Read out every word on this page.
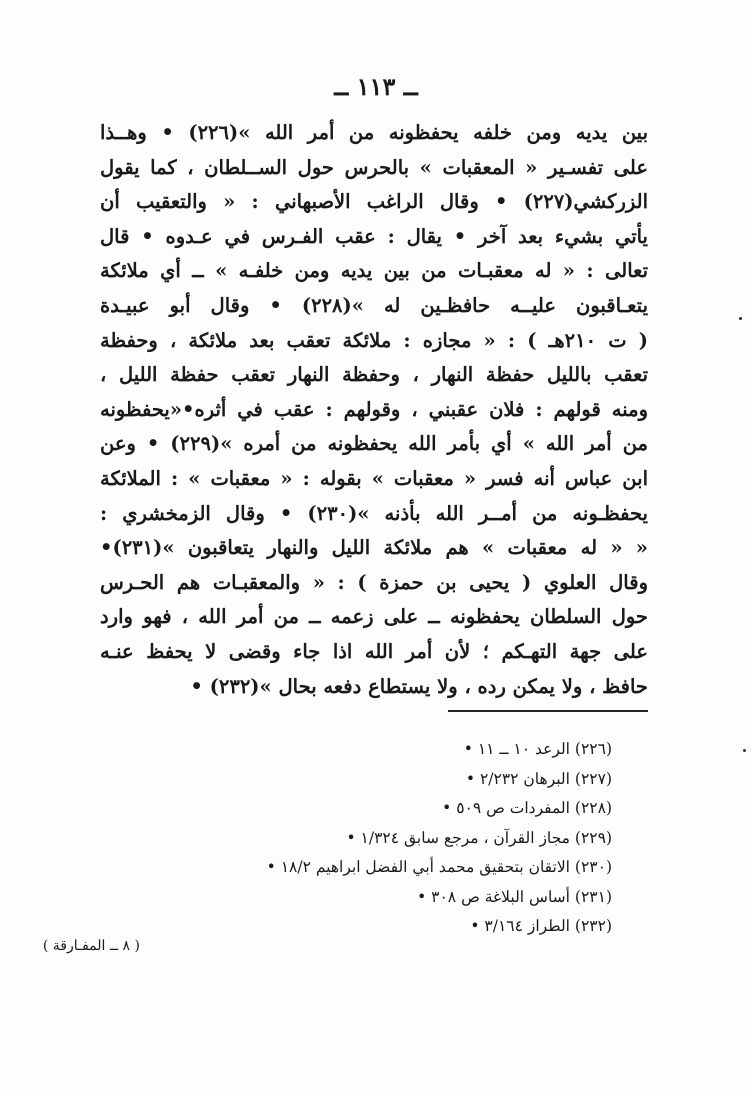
ــ ١١٣ ــ
بين يديه ومن خلفه يحفظونه من أمر الله »(٢٢٦) • وهــذا
على تفسـير « المعقبات » بالحرس حول الســلطان ، كما يقول
الزركشي(٢٢٧) • وقال الراغب الأصبهاني : « والتعقيب أن
يأتي بشيء بعد آخر • يقال : عقب الفـرس في عـدوه • قال
تعالى : « له معقبـات من بين يديه ومن خلفـه » ــ أي ملائكة
يتعـاقبون عليــه حافظـين له »(٢٢٨) • وقال أبو عبيـدة
( ت ٢١٠هـ ) : « مجازه : ملائكة تعقب بعد ملائكة ، وحفظة
تعقب بالليل حفظة النهار ، وحفظة النهار تعقب حفظة الليل ،
ومنه قولهم : فلان عقبني ، وقولهم : عقب في أثره•«يحفظونه
من أمر الله » أي بأمر الله يحفظونه من أمره »(٢٢٩) • وعن
ابن عباس أنه فسر « معقبات » بقوله : « معقبات » : الملائكة
يحفظـونه من أمــر الله بأذنه »(٢٣٠) • وقال الزمخشري :
« « له معقبات » هم ملائكة الليل والنهار يتعاقبون »(٢٣١)•
وقال العلوي ( يحيى بن حمزة ) : « والمعقبـات هم الحـرس
حول السلطان يحفظونه ــ على زعمه ــ من أمر الله ، فهو وارد
على جهة التهـكم ؛ لأن أمر الله اذا جاء وقضى لا يحفظ عنـه
حافظ ، ولا يمكن رده ، ولا يستطاع دفعه بحال »(٢٣٢) •
(٢٢٦) الرعد ١٠ ــ ١١ •
(٢٢٧) البرهان ٢/٢٣٢ •
(٢٢٨) المفردات ص ٥٠٩ •
(٢٢٩) مجاز القرآن ، مرجع سابق ١/٣٢٤ •
(٢٣٠) الاتقان بتحقيق محمد أبي الفضل ابراهيم ١٨/٢ •
(٢٣١) أساس البلاغة ص ٣٠٨ •
(٢٣٢) الطراز ٣/١٦٤ •
( ٨ ــ المفـارقة )
